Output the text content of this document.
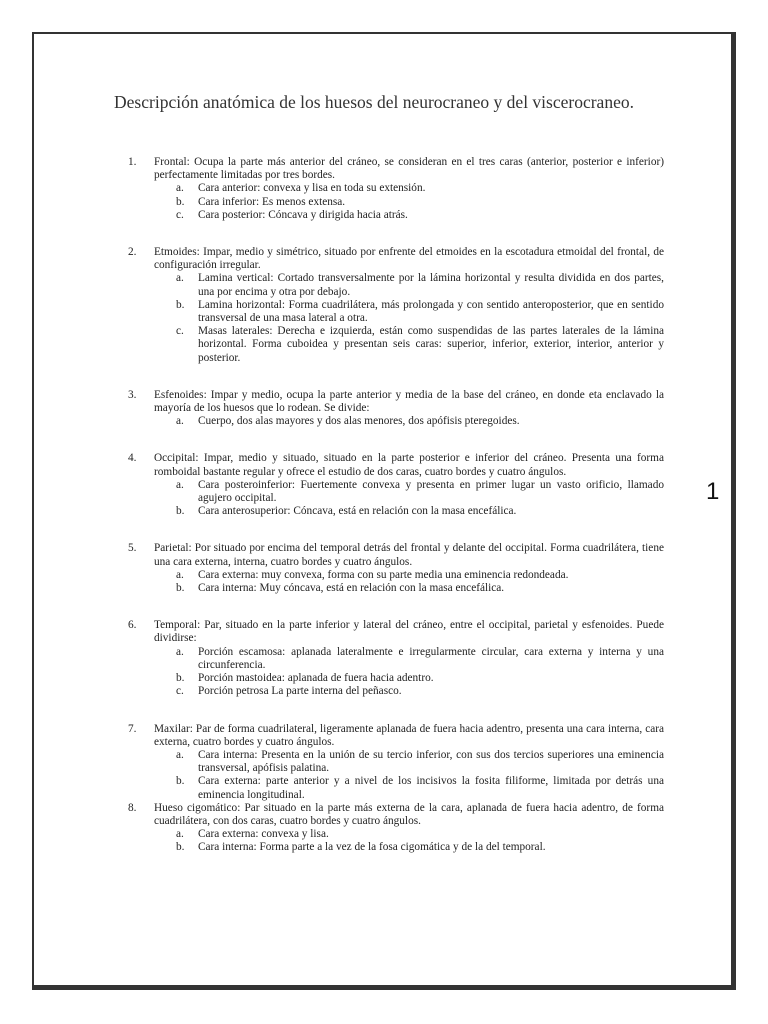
Descripción anatómica de los huesos del neurocraneo y del viscerocraneo.
1. Frontal: Ocupa la parte más anterior del cráneo, se consideran en el tres caras (anterior, posterior e inferior) perfectamente limitadas por tres bordes.
a. Cara anterior: convexa y lisa en toda su extensión.
b. Cara inferior: Es menos extensa.
c. Cara posterior: Cóncava y dirigida hacia atrás.
2. Etmoides: Impar, medio y simétrico, situado por enfrente del etmoides en la escotadura etmoidal del frontal, de configuración irregular.
a. Lamina vertical: Cortado transversalmente por la lámina horizontal y resulta dividida en dos partes, una por encima y otra por debajo.
b. Lamina horizontal: Forma cuadrilátera, más prolongada y con sentido anteroposterior, que en sentido transversal de una masa lateral a otra.
c. Masas laterales: Derecha e izquierda, están como suspendidas de las partes laterales de la lámina horizontal. Forma cuboidea y presentan seis caras: superior, inferior, exterior, interior, anterior y posterior.
3. Esfenoides: Impar y medio, ocupa la parte anterior y media de la base del cráneo, en donde eta enclavado la mayoría de los huesos que lo rodean. Se divide:
a. Cuerpo, dos alas mayores y dos alas menores, dos apófisis pteregoides.
4. Occipital: Impar, medio y situado, situado en la parte posterior e inferior del cráneo. Presenta una forma romboidal bastante regular y ofrece el estudio de dos caras, cuatro bordes y cuatro ángulos.
a. Cara posteroinferior: Fuertemente convexa y presenta en primer lugar un vasto orificio, llamado agujero occipital.
b. Cara anterosuperior: Cóncava, está en relación con la masa encefálica.
5. Parietal: Por situado por encima del temporal detrás del frontal y delante del occipital. Forma cuadrilátera, tiene una cara externa, interna, cuatro bordes y cuatro ángulos.
a. Cara externa: muy convexa, forma con su parte media una eminencia redondeada.
b. Cara interna: Muy cóncava, está en relación con la masa encefálica.
6. Temporal: Par, situado en la parte inferior y lateral del cráneo, entre el occipital, parietal y esfenoides. Puede dividirse:
a. Porción escamosa: aplanada lateralmente e irregularmente circular, cara externa y interna y una circunferencia.
b. Porción mastoidea: aplanada de fuera hacia adentro.
c. Porción petrosa La parte interna del peñasco.
7. Maxilar: Par de forma cuadrilateral, ligeramente aplanada de fuera hacia adentro, presenta una cara interna, cara externa, cuatro bordes y cuatro ángulos.
a. Cara interna: Presenta en la unión de su tercio inferior, con sus dos tercios superiores una eminencia transversal, apófisis palatina.
b. Cara externa: parte anterior y a nivel de los incisivos la fosita filiforme, limitada por detrás una eminencia longitudinal.
8. Hueso cigomático: Par situado en la parte más externa de la cara, aplanada de fuera hacia adentro, de forma cuadrilátera, con dos caras, cuatro bordes y cuatro ángulos.
a. Cara externa: convexa y lisa.
b. Cara interna: Forma parte a la vez de la fosa cigomática y de la del temporal.
1
